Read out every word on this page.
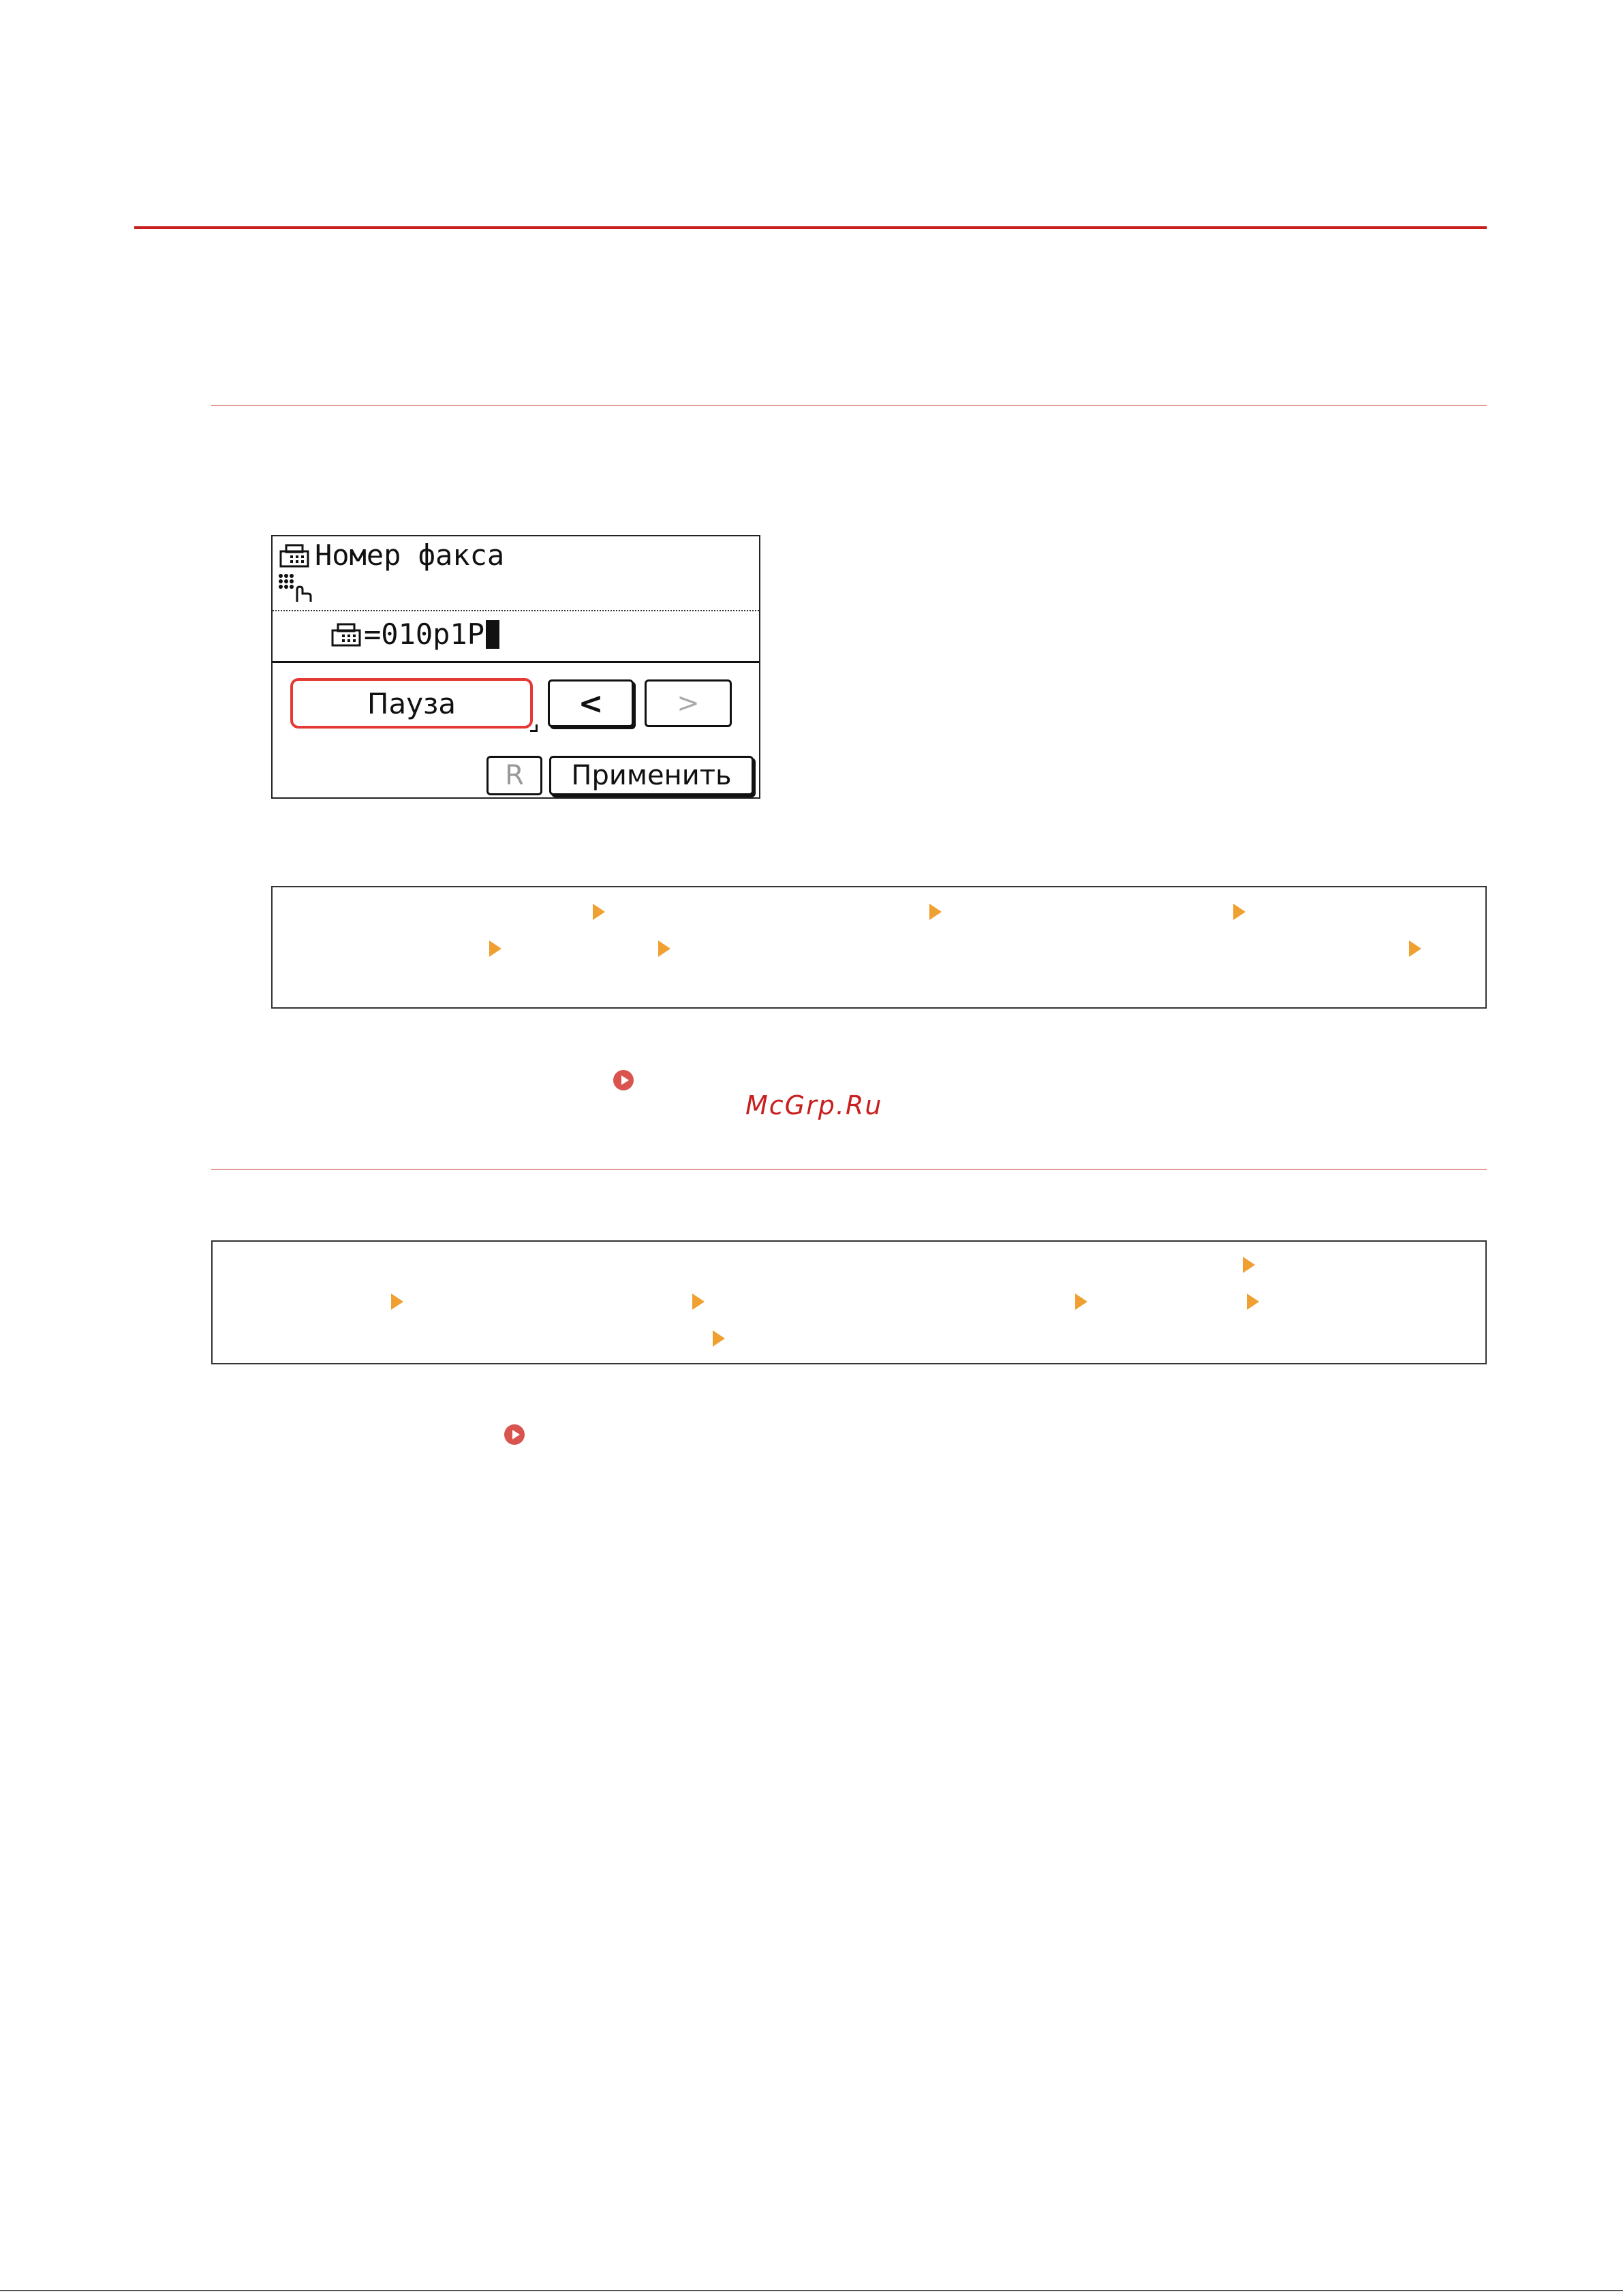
Номер факса
=010p1P
Пауза	<	>
R Применить
McGrp.Ru
